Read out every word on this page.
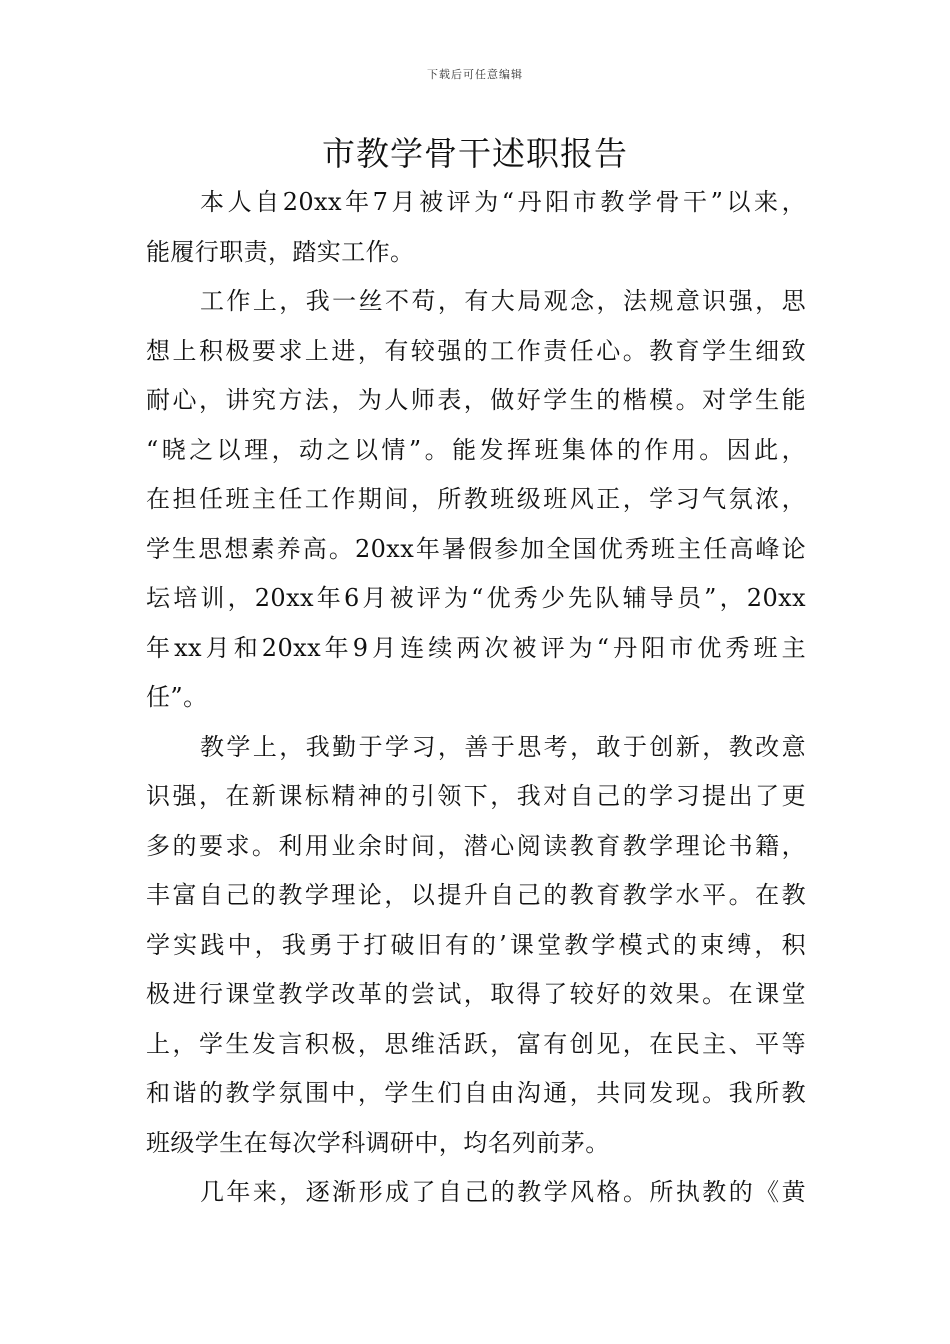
下载后可任意编辑
市教学骨干述职报告
本人自20xx年7月被评为“丹阳市教学骨干”以来，
能履行职责，踏实工作。
工作上，我一丝不苟，有大局观念，法规意识强，思
想上积极要求上进，有较强的工作责任心。教育学生细致
耐心，讲究方法，为人师表，做好学生的楷模。对学生能
“晓之以理，动之以情”。能发挥班集体的作用。因此，
在担任班主任工作期间，所教班级班风正，学习气氛浓，
学生思想素养高。20xx年暑假参加全国优秀班主任高峰论
坛培训，20xx年6月被评为“优秀少先队辅导员”，20xx
年xx月和20xx年9月连续两次被评为“丹阳市优秀班主
任”。
教学上，我勤于学习，善于思考，敢于创新，教改意
识强，在新课标精神的引领下，我对自己的学习提出了更
多的要求。利用业余时间，潜心阅读教育教学理论书籍，
丰富自己的教学理论，以提升自己的教育教学水平。在教
学实践中，我勇于打破旧有的’课堂教学模式的束缚，积
极进行课堂教学改革的尝试，取得了较好的效果。在课堂
上，学生发言积极，思维活跃，富有创见，在民主、平等
和谐的教学氛围中，学生们自由沟通，共同发现。我所教
班级学生在每次学科调研中，均名列前茅。
几年来，逐渐形成了自己的教学风格。所执教的《黄
